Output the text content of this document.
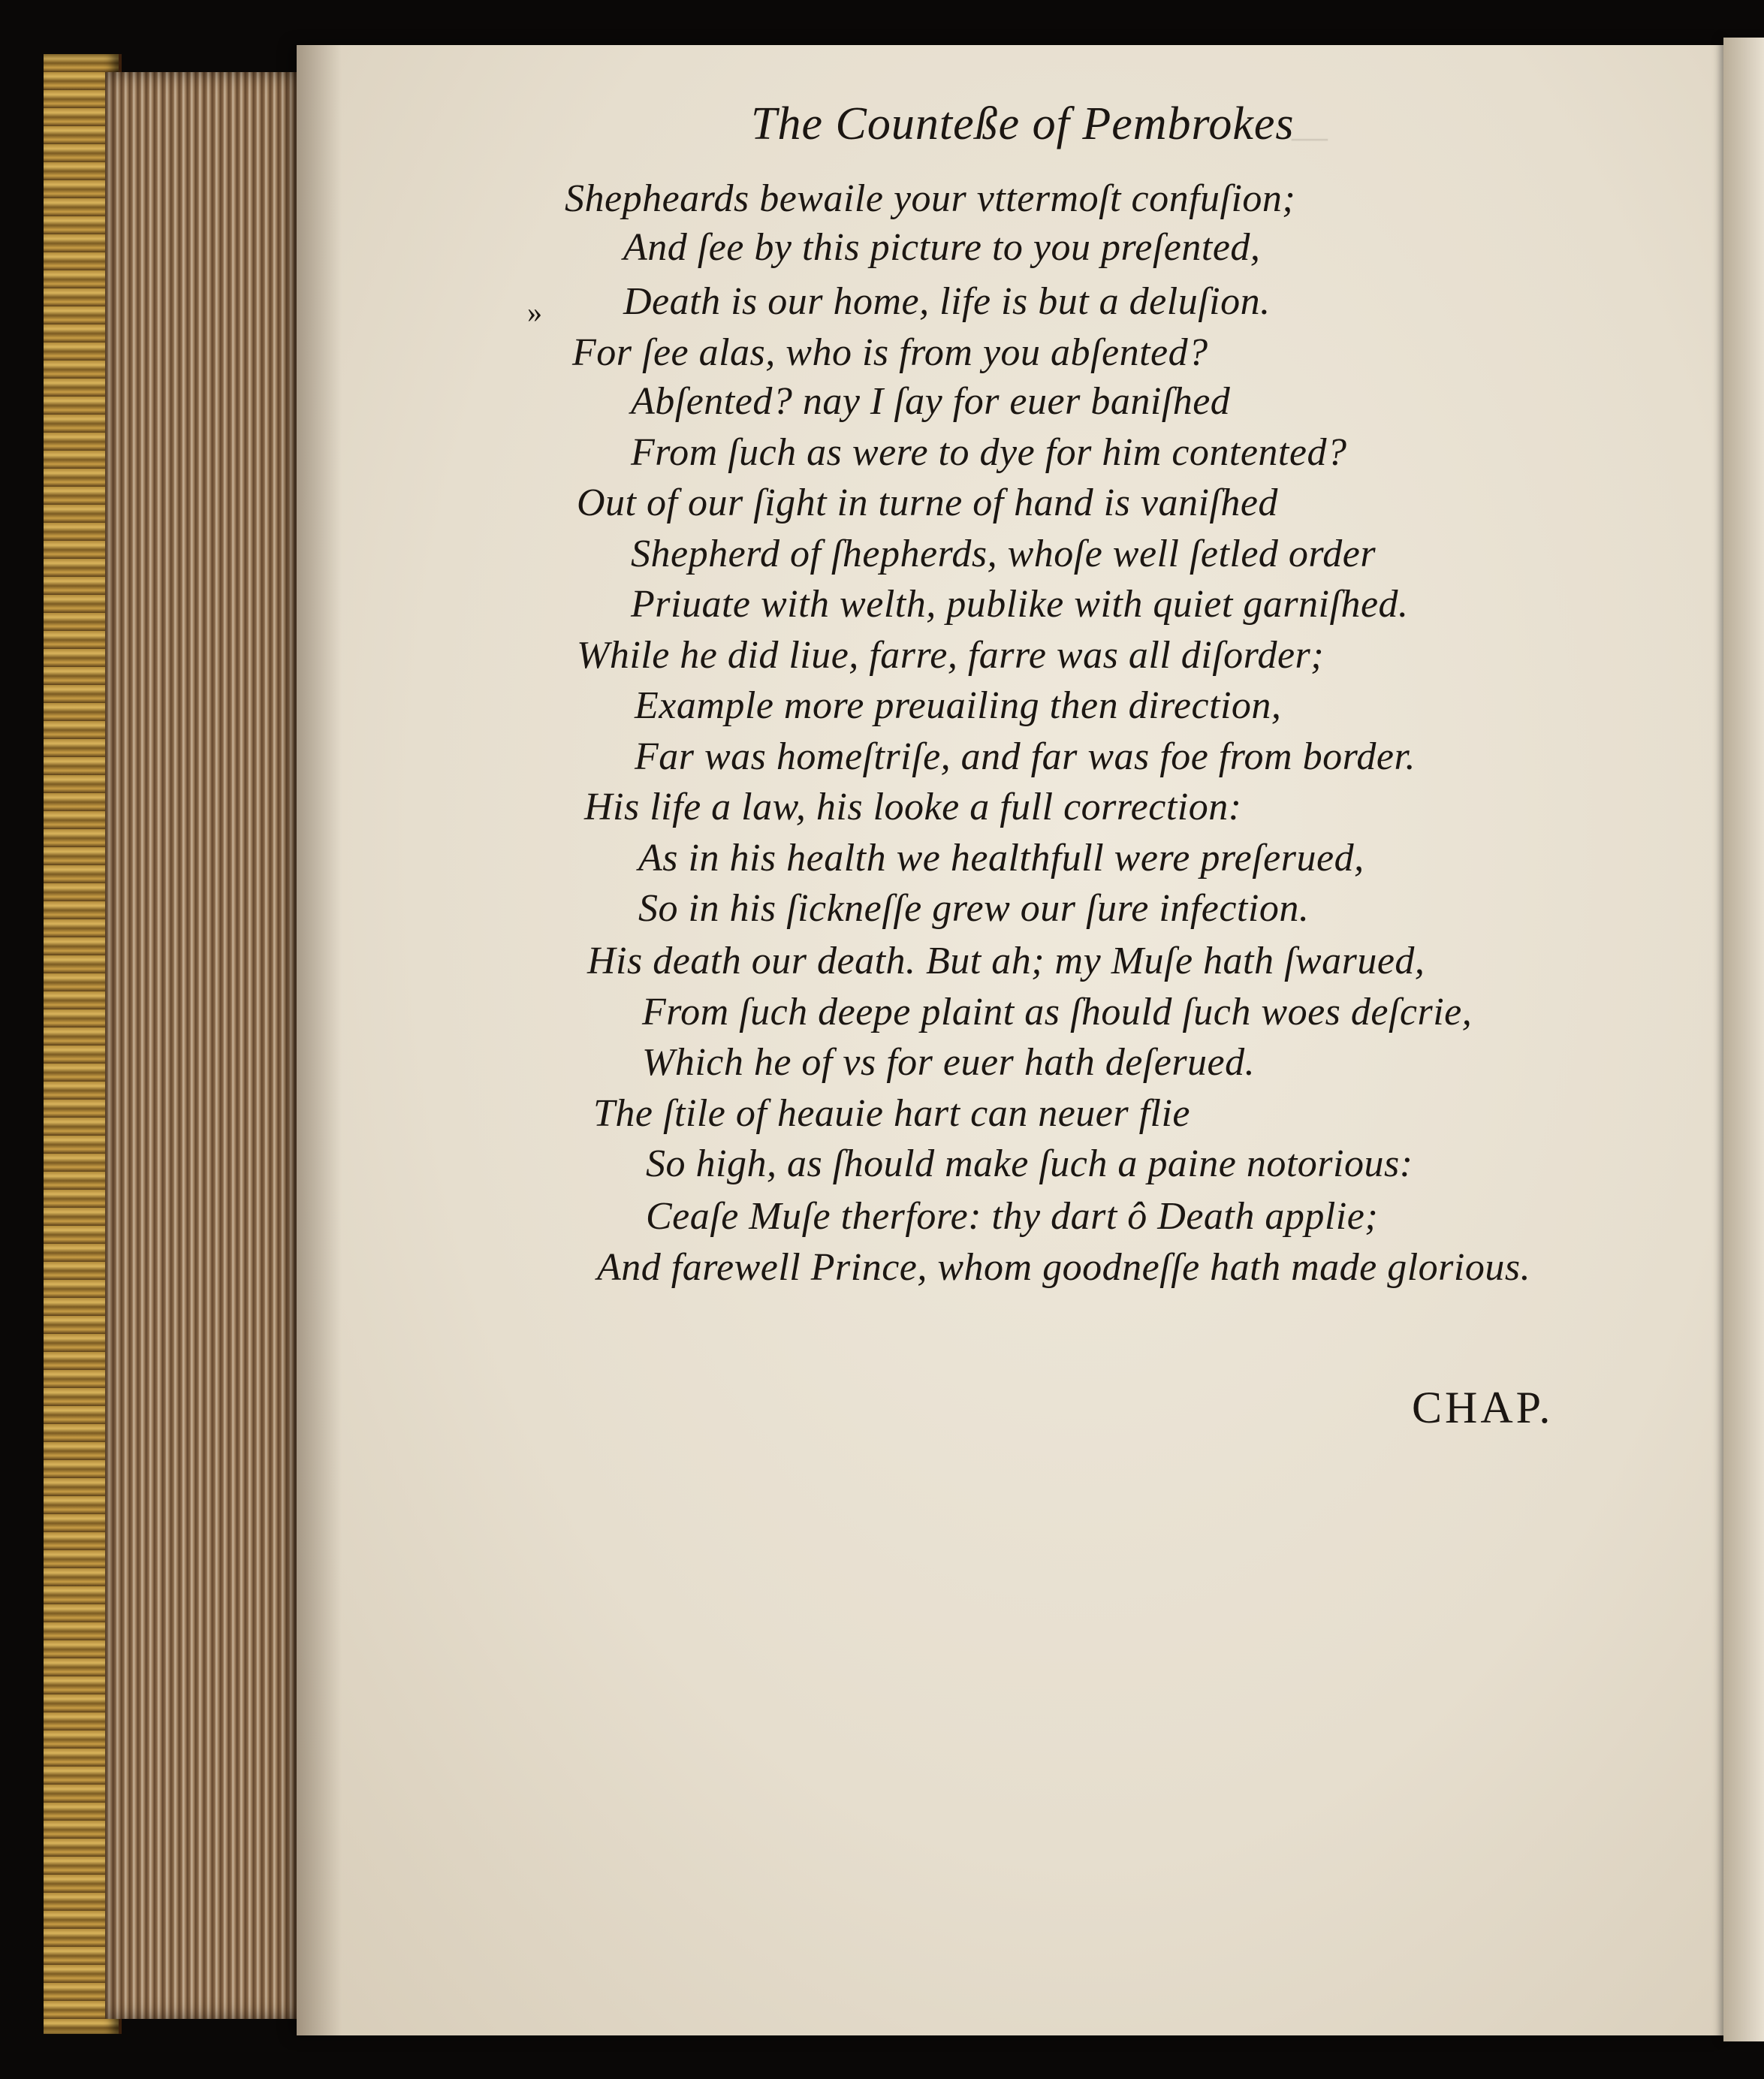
—
The Counteße of Pembrokes
»
Shepheards bewaile your vttermoſt confuſion;
And ſee by this picture to you preſented,
Death is our home, life is but a deluſion.
For ſee alas, who is from you abſented?
Abſented? nay I ſay for euer baniſhed
From ſuch as were to dye for him contented?
Out of our ſight in turne of hand is vaniſhed
Shepherd of ſhepherds, whoſe well ſetled order
Priuate with welth, publike with quiet garniſhed.
While he did liue, farre, farre was all diſorder;
Example more preuailing then direction,
Far was homeſtriſe, and far was foe from border.
His life a law, his looke a full correction:
As in his health we healthfull were preſerued,
So in his ſickneſſe grew our ſure infection.
His death our death. But ah; my Muſe hath ſwarued,
From ſuch deepe plaint as ſhould ſuch woes deſcrie,
Which he of vs for euer hath deſerued.
The ſtile of heauie hart can neuer flie
So high, as ſhould make ſuch a paine notorious:
Ceaſe Muſe therfore: thy dart ô Death applie;
And farewell Prince, whom goodneſſe hath made glorious.
CHAP.
